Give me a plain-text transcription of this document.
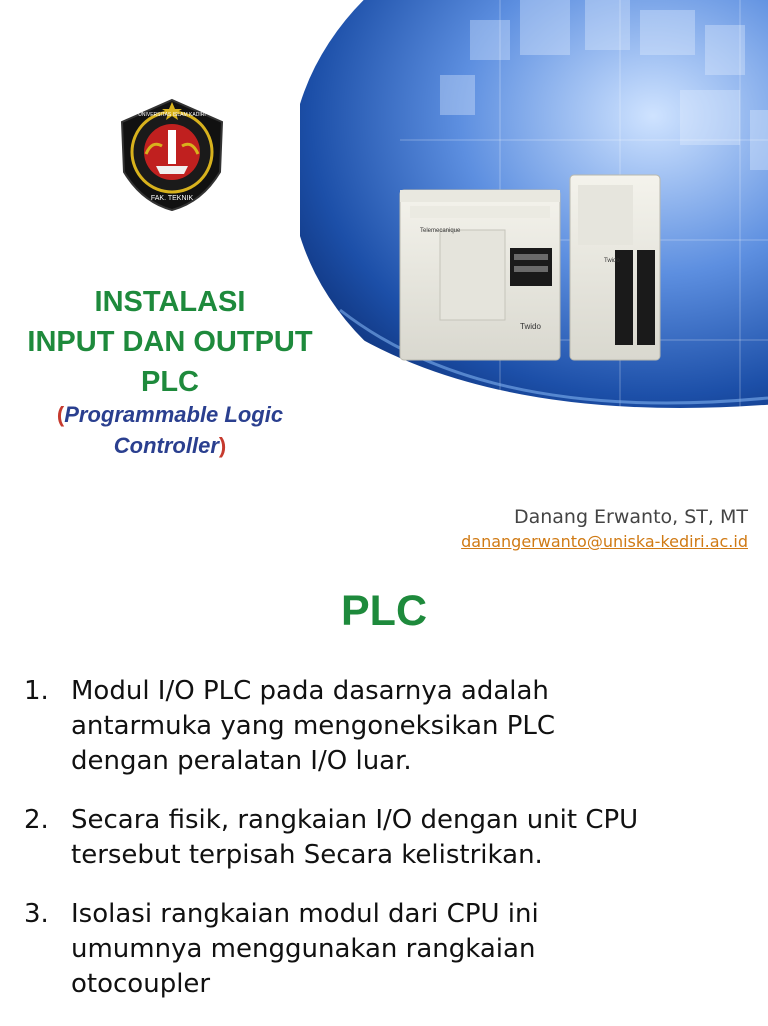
Telemecanique
Twido
Twido
FAK. TEKNIK
UNIVERSITAS ISLAM KADIRI
INSTALASI
INPUT DAN OUTPUT
PLC
(Programmable Logic
Controller)
Danang Erwanto, ST, MT
danangerwanto@uniska-kediri.ac.id
PLC
1. Modul I/O PLC pada dasarnya adalah
antarmuka yang mengoneksikan PLC
dengan peralatan I/O luar.
2. Secara fisik, rangkaian I/O dengan unit CPU
tersebut terpisah Secara kelistrikan.
3. Isolasi rangkaian modul dari CPU ini
umumnya menggunakan rangkaian
otocoupler
